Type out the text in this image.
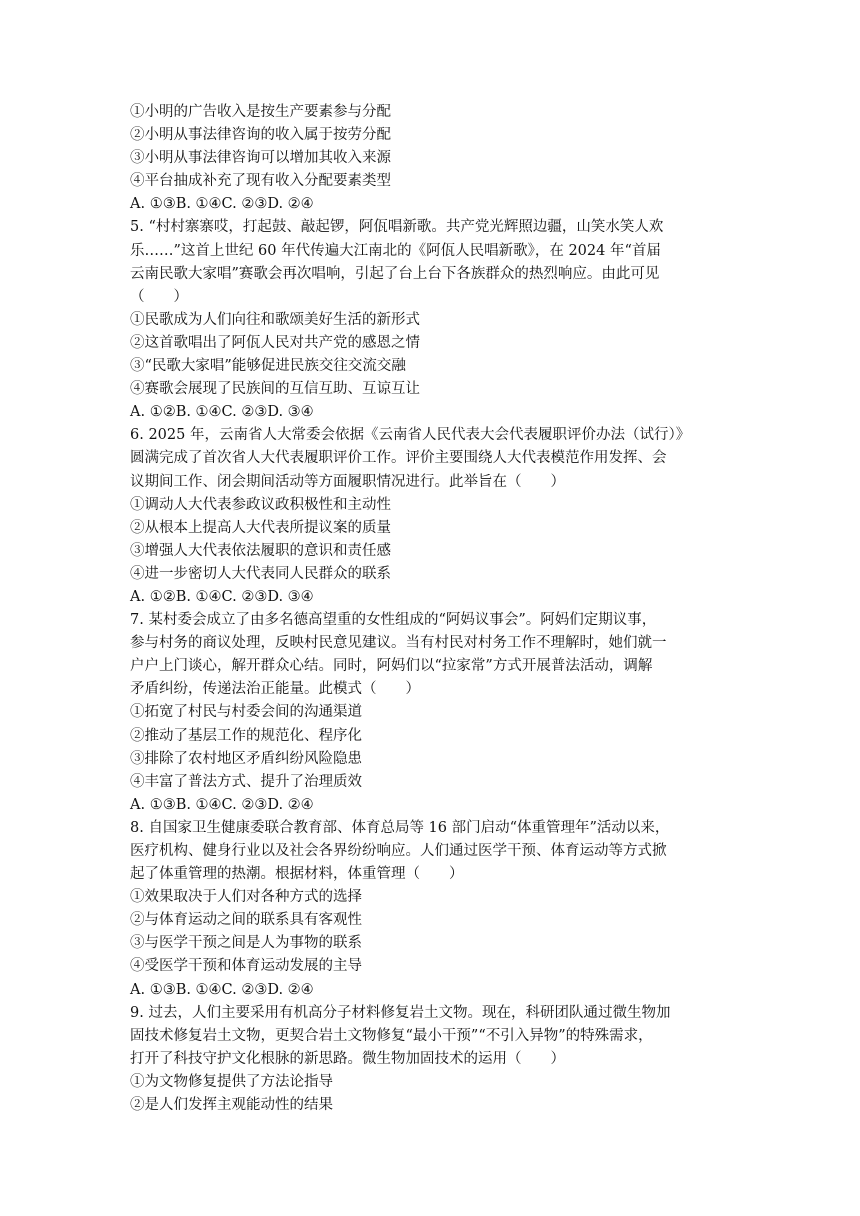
①小明的广告收入是按生产要素参与分配
②小明从事法律咨询的收入属于按劳分配
③小明从事法律咨询可以增加其收入来源
④平台抽成补充了现有收入分配要素类型
A. ①③B. ①④C. ②③D. ②④
5. “村村寨寨哎，打起鼓、敲起锣，阿佤唱新歌。共产党光辉照边疆，山笑水笑人欢
乐……”这首上世纪 60 年代传遍大江南北的《阿佤人民唱新歌》，在 2024 年“首届
云南民歌大家唱”赛歌会再次唱响，引起了台上台下各族群众的热烈响应。由此可见
（　　）
①民歌成为人们向往和歌颂美好生活的新形式
②这首歌唱出了阿佤人民对共产党的感恩之情
③“民歌大家唱”能够促进民族交往交流交融
④赛歌会展现了民族间的互信互助、互谅互让
A. ①②B. ①④C. ②③D. ③④
6. 2025 年，云南省人大常委会依据《云南省人民代表大会代表履职评价办法（试行）》
圆满完成了首次省人大代表履职评价工作。评价主要围绕人大代表模范作用发挥、会
议期间工作、闭会期间活动等方面履职情况进行。此举旨在（　　）
①调动人大代表参政议政积极性和主动性
②从根本上提高人大代表所提议案的质量
③增强人大代表依法履职的意识和责任感
④进一步密切人大代表同人民群众的联系
A. ①②B. ①④C. ②③D. ③④
7. 某村委会成立了由多名德高望重的女性组成的“阿妈议事会”。阿妈们定期议事，
参与村务的商议处理，反映村民意见建议。当有村民对村务工作不理解时，她们就一
户户上门谈心，解开群众心结。同时，阿妈们以“拉家常”方式开展普法活动，调解
矛盾纠纷，传递法治正能量。此模式（　　）
①拓宽了村民与村委会间的沟通渠道
②推动了基层工作的规范化、程序化
③排除了农村地区矛盾纠纷风险隐患
④丰富了普法方式、提升了治理质效
A. ①③B. ①④C. ②③D. ②④
8. 自国家卫生健康委联合教育部、体育总局等 16 部门启动“体重管理年”活动以来，
医疗机构、健身行业以及社会各界纷纷响应。人们通过医学干预、体育运动等方式掀
起了体重管理的热潮。根据材料，体重管理（　　）
①效果取决于人们对各种方式的选择
②与体育运动之间的联系具有客观性
③与医学干预之间是人为事物的联系
④受医学干预和体育运动发展的主导
A. ①③B. ①④C. ②③D. ②④
9. 过去，人们主要采用有机高分子材料修复岩土文物。现在，科研团队通过微生物加
固技术修复岩土文物，更契合岩土文物修复“最小干预”“不引入异物”的特殊需求，
打开了科技守护文化根脉的新思路。微生物加固技术的运用（　　）
①为文物修复提供了方法论指导
②是人们发挥主观能动性的结果
